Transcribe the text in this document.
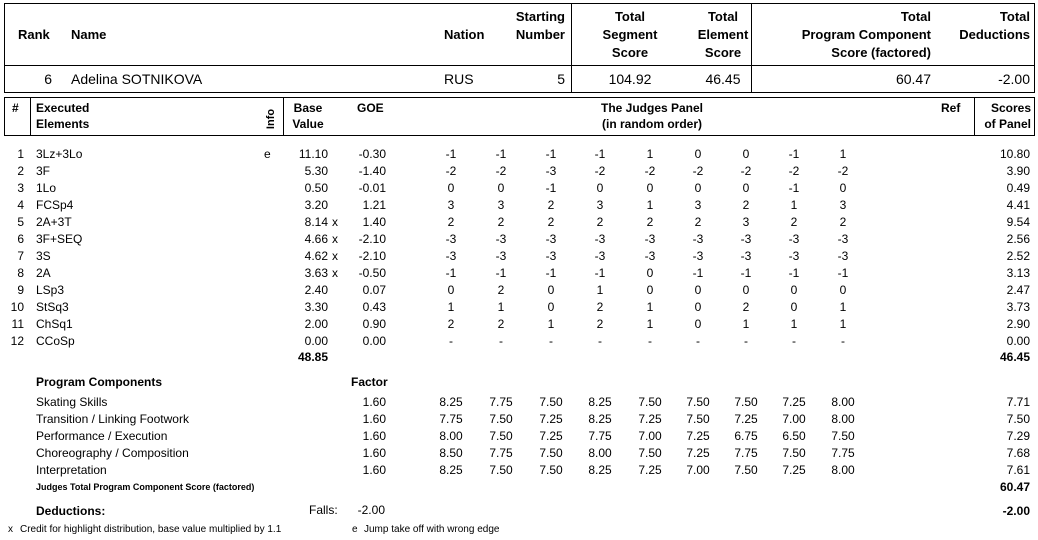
Rank Name	Nation
Starting
Number
Total
Segment
Score
Total
Element
Score
Total
Program Component
Score (factored)
Total
Deductions
6 Adelina SOTNIKOVA	RUS	5	104.92	46.45	60.47	-2.00
# Executed
Elements	Info
Base
Value
GOE	The Judges Panel
(in random order)
Ref	Scores
of Panel
1 3Lz+3Lo	e	11.10	-0.30	-1	-1	-1	-1	1	0	0	-1	1	10.80
2 3F	5.30	-1.40	-2	-2	-3	-2	-2	-2	-2	-2	-2	3.90
3 1Lo	0.50	-0.01	0	0	-1	0	0	0	0	-1	0	0.49
4 FCSp4	3.20	1.21	3	3	2	3	1	3	2	1	3	4.41
5 2A+3T	8.14 x	1.40	2	2	2	2	2	2	3	2	2	9.54
6 3F+SEQ	4.66 x	-2.10	-3	-3	-3	-3	-3	-3	-3	-3	-3	2.56
7 3S	4.62 x	-2.10	-3	-3	-3	-3	-3	-3	-3	-3	-3	2.52
8 2A	3.63 x	-0.50	-1	-1	-1	-1	0	-1	-1	-1	-1	3.13
9 LSp3	2.40	0.07	0	2	0	1	0	0	0	0	0	2.47
10 StSq3	3.30	0.43	1	1	0	2	1	0	2	0	1	3.73
11 ChSq1	2.00	0.90	2	2	1	2	1	0	1	1	1	2.90
12 CCoSp	0.00	0.00	-	-	-	-	-	-	-	-	-	0.00
48.85	46.45
Program Components	Factor
Skating Skills	1.60	8.25	7.75	7.50	8.25	7.50	7.50	7.50	7.25	8.00	7.71
Transition / Linking Footwork	1.60	7.75	7.50	7.25	8.25	7.25	7.50	7.25	7.00	8.00	7.50
Performance / Execution	1.60	8.00	7.50	7.25	7.75	7.00	7.25	6.75	6.50	7.50	7.29
Choreography / Composition	1.60	8.50	7.75	7.50	8.00	7.50	7.25	7.75	7.50	7.75	7.68
Interpretation	1.60	8.25	7.50	7.50	8.25	7.25	7.00	7.50	7.25	8.00	7.61
Judges Total Program Component Score (factored)	60.47
Deductions:	Falls:	-2.00	-2.00
x Credit for highlight distribution, base value multiplied by 1.1	e Jump take off with wrong edge
